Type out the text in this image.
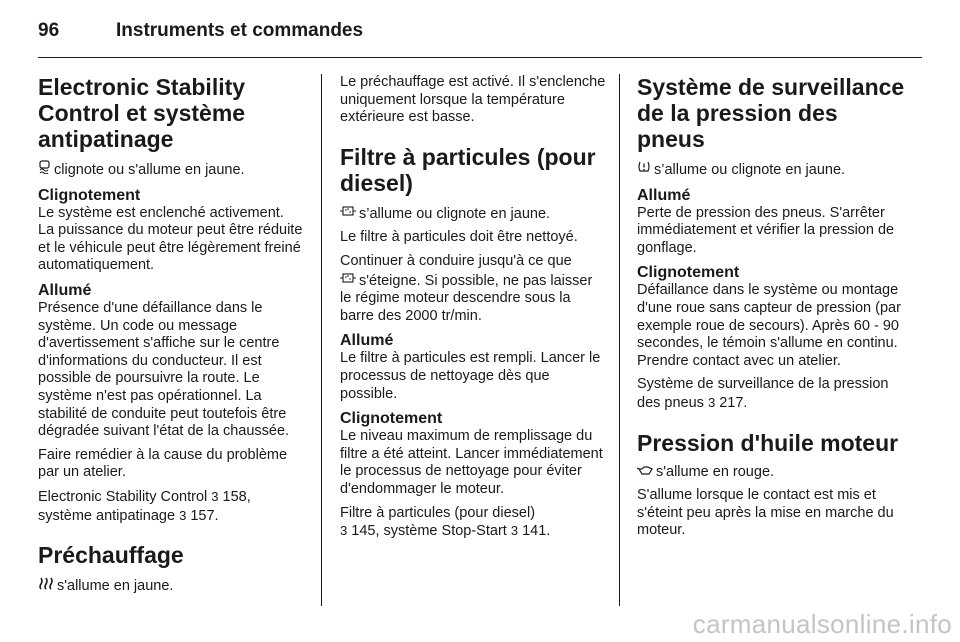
96	Instruments et commandes
Electronic Stability Control et système antipatinage

clignote ou s'allume en jaune.

Clignotement

Le système est enclenché activement. La puissance du moteur peut être réduite et le véhicule peut être légèrement freiné automatiquement.

Allumé

Présence d'une défaillance dans le système. Un code ou message d'avertissement s'affiche sur le centre d'informations du conducteur. Il est possible de poursuivre la route. Le système n'est pas opérationnel. La stabilité de conduite peut toutefois être dégradée suivant l'état de la chaussée.

Faire remédier à la cause du problème par un atelier.

Electronic Stability Control 3 158,
système antipatinage 3 157.

Préchauffage

s'allume en jaune.

Le préchauffage est activé. Il s'enclenche uniquement lorsque la température extérieure est basse.

Filtre à particules (pour diesel)

s’allume ou clignote en jaune.

Le filtre à particules doit être nettoyé.

Continuer à conduire jusqu'à ce que
s'éteigne. Si possible, ne pas laisser le régime moteur descendre sous la barre des 2000 tr/min.

Allumé

Le filtre à particules est rempli. Lancer le processus de nettoyage dès que possible.

Clignotement

Le niveau maximum de remplissage du filtre a été atteint. Lancer immédiatement le processus de nettoyage pour éviter d'endommager le moteur.

Filtre à particules (pour diesel)
3 145, système Stop-Start 3 141.

Système de surveillance de la pression des pneus

s’allume ou clignote en jaune.

Allumé

Perte de pression des pneus. S'arrêter immédiatement et vérifier la pression de gonflage.

Clignotement

Défaillance dans le système ou montage d'une roue sans capteur de pression (par exemple roue de secours). Après 60 - 90 secondes, le témoin s'allume en continu. Prendre contact avec un atelier.

Système de surveillance de la pression des pneus 3 217.

Pression d'huile moteur

s'allume en rouge.

S'allume lorsque le contact est mis et s'éteint peu après la mise en marche du moteur.

carmanualsonline.info
